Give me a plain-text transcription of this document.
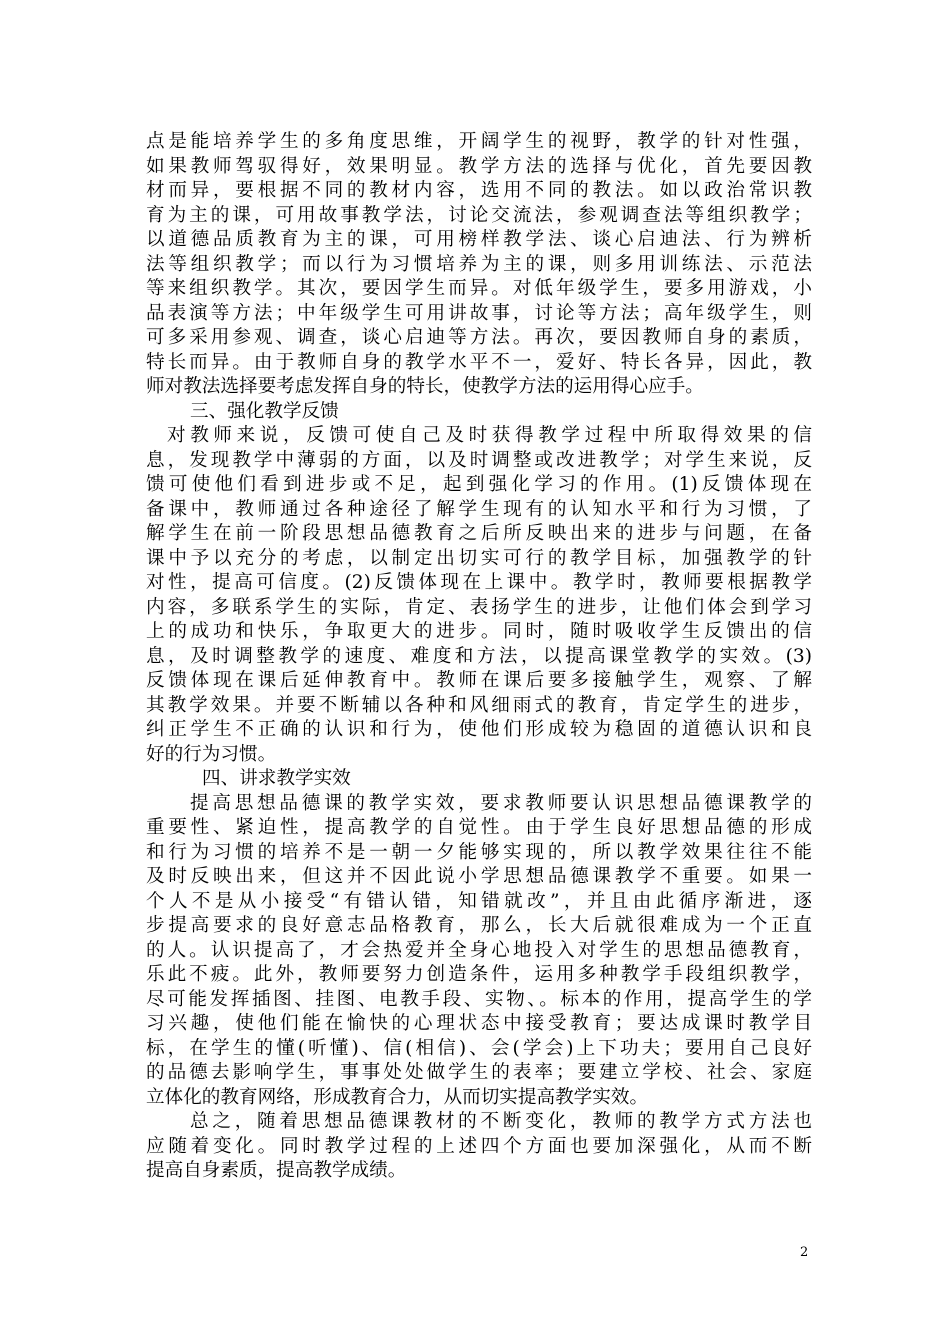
点是能培养学生的多角度思维，开阔学生的视野，教学的针对性强，
如果教师驾驭得好，效果明显。教学方法的选择与优化，首先要因教
材而异，要根据不同的教材内容，选用不同的教法。如以政治常识教
育为主的课，可用故事教学法，讨论交流法，参观调查法等组织教学；
以道德品质教育为主的课，可用榜样教学法、谈心启迪法、行为辨析
法等组织教学；而以行为习惯培养为主的课，则多用训练法、示范法
等来组织教学。其次，要因学生而异。对低年级学生，要多用游戏，小
品表演等方法；中年级学生可用讲故事，讨论等方法；高年级学生，则
可多采用参观、调查，谈心启迪等方法。再次，要因教师自身的素质，
特长而异。由于教师自身的教学水平不一，爱好、特长各异，因此，教
师对教法选择要考虑发挥自身的特长，使教学方法的运用得心应手。
三、强化教学反馈
对教师来说，反馈可使自己及时获得教学过程中所取得效果的信
息，发现教学中薄弱的方面，以及时调整或改进教学；对学生来说，反
馈可使他们看到进步或不足，起到强化学习的作用。(1)反馈体现在
备课中，教师通过各种途径了解学生现有的认知水平和行为习惯，了
解学生在前一阶段思想品德教育之后所反映出来的进步与问题，在备
课中予以充分的考虑，以制定出切实可行的教学目标，加强教学的针
对性，提高可信度。(2)反馈体现在上课中。教学时，教师要根据教学
内容，多联系学生的实际，肯定、表扬学生的进步，让他们体会到学习
上的成功和快乐，争取更大的进步。同时，随时吸收学生反馈出的信
息，及时调整教学的速度、难度和方法，以提高课堂教学的实效。(3)
反馈体现在课后延伸教育中。教师在课后要多接触学生，观察、了解
其教学效果。并要不断辅以各种和风细雨式的教育，肯定学生的进步，
纠正学生不正确的认识和行为，使他们形成较为稳固的道德认识和良
好的行为习惯。
四、讲求教学实效
提高思想品德课的教学实效，要求教师要认识思想品德课教学的
重要性、紧迫性，提高教学的自觉性。由于学生良好思想品德的形成
和行为习惯的培养不是一朝一夕能够实现的，所以教学效果往往不能
及时反映出来，但这并不因此说小学思想品德课教学不重要。如果一
个人不是从小接受“有错认错，知错就改”，并且由此循序渐进，逐
步提高要求的良好意志品格教育，那么，长大后就很难成为一个正直
的人。认识提高了，才会热爱并全身心地投入对学生的思想品德教育，
乐此不疲。此外，教师要努力创造条件，运用多种教学手段组织教学，
尽可能发挥插图、挂图、电教手段、实物、。标本的作用，提高学生的学
习兴趣，使他们能在愉快的心理状态中接受教育；要达成课时教学目
标，在学生的懂(听懂)、信(相信)、会(学会)上下功夫；要用自己良好
的品德去影响学生，事事处处做学生的表率；要建立学校、社会、家庭
立体化的教育网络，形成教育合力，从而切实提高教学实效。
总之，随着思想品德课教材的不断变化，教师的教学方式方法也
应随着变化。同时教学过程的上述四个方面也要加深强化，从而不断
提高自身素质，提高教学成绩。
2
